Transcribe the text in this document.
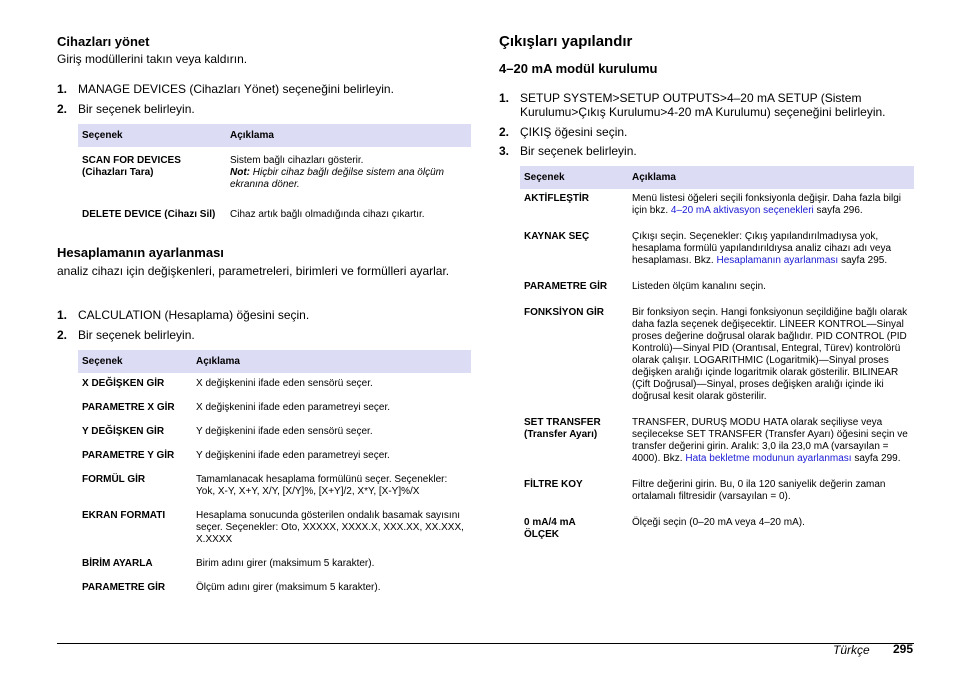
Cihazları yönet
Giriş modüllerini takın veya kaldırın.
1. MANAGE DEVICES (Cihazları Yönet) seçeneğini belirleyin.
2. Bir seçenek belirleyin.
Seçenek	Açıklama
SCAN FOR DEVICES (Cihazları Tara)	Sistem bağlı cihazları gösterir.
Not: Hiçbir cihaz bağlı değilse sistem ana ölçüm ekranına döner.
DELETE DEVICE (Cihazı Sil)	Cihaz artık bağlı olmadığında cihazı çıkartır.
Hesaplamanın ayarlanması
analiz cihazı için değişkenleri, parametreleri, birimleri ve formülleri ayarlar.
1. CALCULATION (Hesaplama) öğesini seçin.
2. Bir seçenek belirleyin.
Seçenek	Açıklama
X DEĞİŞKEN GİR	X değişkenini ifade eden sensörü seçer.
PARAMETRE X GİR	X değişkenini ifade eden parametreyi seçer.
Y DEĞİŞKEN GİR	Y değişkenini ifade eden sensörü seçer.
PARAMETRE Y GİR	Y değişkenini ifade eden parametreyi seçer.
FORMÜL GİR	Tamamlanacak hesaplama formülünü seçer. Seçenekler: Yok, X-Y, X+Y, X/Y, [X/Y]%, [X+Y]/2, X*Y, [X-Y]%/X
EKRAN FORMATI	Hesaplama sonucunda gösterilen ondalık basamak sayısını seçer. Seçenekler: Oto, XXXXX, XXXX.X, XXX.XX, XX.XXX, X.XXXX
BİRİM AYARLA	Birim adını girer (maksimum 5 karakter).
PARAMETRE GİR	Ölçüm adını girer (maksimum 5 karakter).
Çıkışları yapılandır
4–20 mA modül kurulumu
1. SETUP SYSTEM>SETUP OUTPUTS>4–20 mA SETUP (Sistem Kurulumu>Çıkış Kurulumu>4-20 mA Kurulumu) seçeneğini belirleyin.
2. ÇIKIŞ öğesini seçin.
3. Bir seçenek belirleyin.
Seçenek	Açıklama
AKTİFLEŞTİR	Menü listesi öğeleri seçili fonksiyonla değişir. Daha fazla bilgi için bkz. 4–20 mA aktivasyon seçenekleri sayfa 296.
KAYNAK SEÇ	Çıkışı seçin. Seçenekler: Çıkış yapılandırılmadıysa yok, hesaplama formülü yapılandırıldıysa analiz cihazı adı veya hesaplaması. Bkz. Hesaplamanın ayarlanması sayfa 295.
PARAMETRE GİR	Listeden ölçüm kanalını seçin.
FONKSİYON GİR	Bir fonksiyon seçin. Hangi fonksiyonun seçildiğine bağlı olarak daha fazla seçenek değişecektir. LİNEER KONTROL—Sinyal proses değerine doğrusal olarak bağlıdır. PID CONTROL (PID Kontrolü)—Sinyal PID (Orantısal, Entegral, Türev) kontrolörü olarak çalışır. LOGARITHMIC (Logaritmik)—Sinyal proses değişken aralığı içinde logaritmik olarak gösterilir. BILINEAR (Çift Doğrusal)—Sinyal, proses değişken aralığı içinde iki doğrusal kesit olarak gösterilir.
SET TRANSFER (Transfer Ayarı)	TRANSFER, DURUŞ MODU HATA olarak seçiliyse veya seçilecekse SET TRANSFER (Transfer Ayarı) öğesini seçin ve transfer değerini girin. Aralık: 3,0 ila 23,0 mA (varsayılan = 4000). Bkz. Hata bekletme modunun ayarlanması sayfa 299.
FİLTRE KOY	Filtre değerini girin. Bu, 0 ila 120 saniyelik değerin zaman ortalamalı filtresidir (varsayılan = 0).

0 mA/4 mA ÖLÇEK	Ölçeği seçin (0–20 mA veya 4–20 mA).
Türkçe 295
